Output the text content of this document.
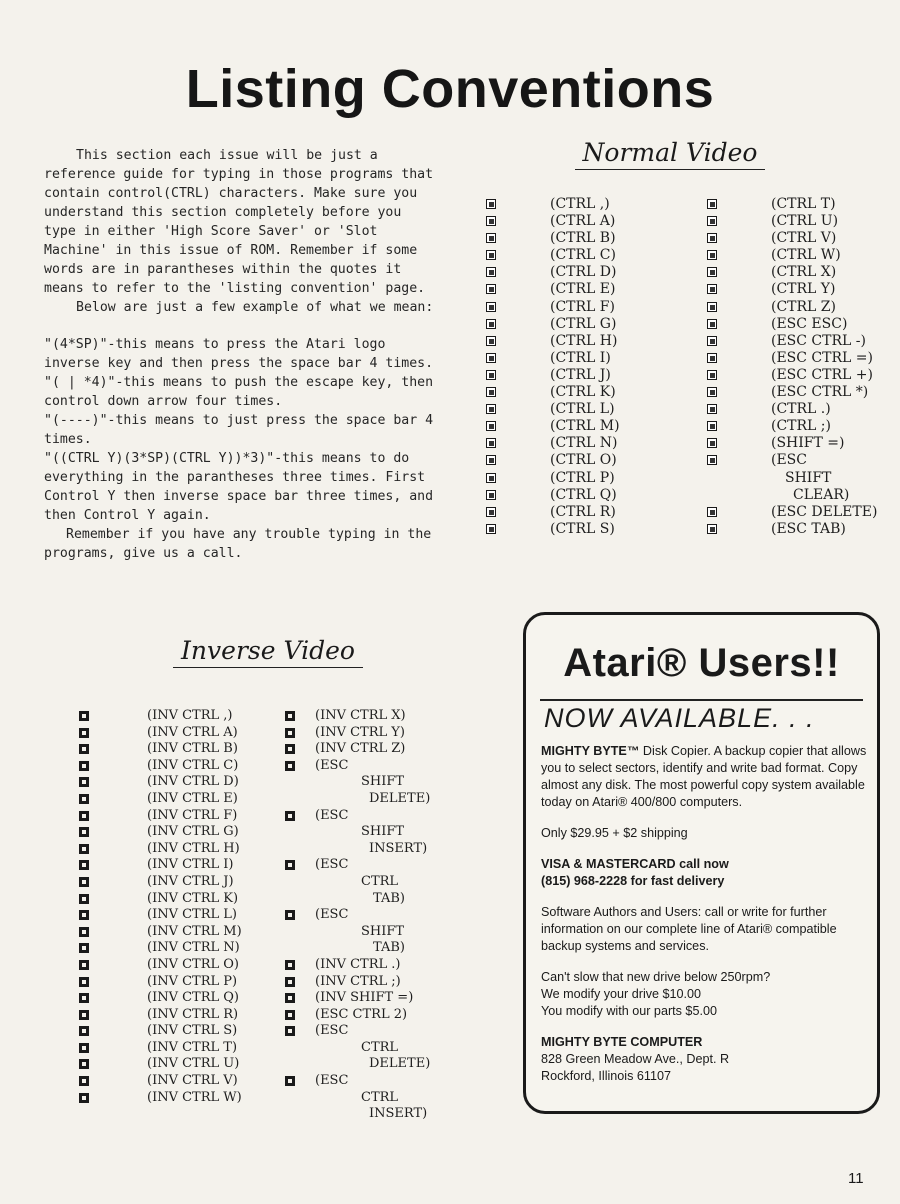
Listing Conventions

This section each issue will be just a reference guide for typing in those programs that contain control(CTRL) characters. Make sure you understand this section completely before you type in either 'High Score Saver' or 'Slot Machine' in this issue of ROM. Remember if some words are in parantheses within the quotes it means to refer to the 'listing convention' page.

Below are just a few example of what we mean:

"(4*SP)"-this means to press the Atari logo inverse key and then press the space bar 4 times.

"( | *4)"-this means to push the escape key, then control down arrow four times.

"(----)"-this means to just press the space bar 4 times.

"((CTRL Y)(3*SP)(CTRL Y))*3)"-this means to do everything in the parantheses three times. First Control Y then inverse space bar three times, and then Control Y again.

Remember if you have any trouble typing in the programs, give us a call.

Normal Video
(CTRL ,)
(CTRL A)
(CTRL B)
(CTRL C)
(CTRL D)
(CTRL E)
(CTRL F)
(CTRL G)
(CTRL H)
(CTRL I)
(CTRL J)
(CTRL K)
(CTRL L)
(CTRL M)
(CTRL N)
(CTRL O)
(CTRL P)
(CTRL Q)
(CTRL R)
(CTRL S)
(CTRL T)
(CTRL U)
(CTRL V)
(CTRL W)
(CTRL X)
(CTRL Y)
(CTRL Z)
(ESC ESC)
(ESC CTRL -)
(ESC CTRL =)
(ESC CTRL +)
(ESC CTRL *)
(CTRL .)
(CTRL ;)
(SHIFT =)
(ESC
SHIFT
CLEAR)
(ESC DELETE)
(ESC TAB)
Inverse Video
(INV CTRL ,)
(INV CTRL A)
(INV CTRL B)
(INV CTRL C)
(INV CTRL D)
(INV CTRL E)
(INV CTRL F)
(INV CTRL G)
(INV CTRL H)
(INV CTRL I)
(INV CTRL J)
(INV CTRL K)
(INV CTRL L)
(INV CTRL M)
(INV CTRL N)
(INV CTRL O)
(INV CTRL P)
(INV CTRL Q)
(INV CTRL R)
(INV CTRL S)
(INV CTRL T)
(INV CTRL U)
(INV CTRL V)
(INV CTRL W)
(INV CTRL X)
(INV CTRL Y)
(INV CTRL Z)
(ESC
SHIFT
DELETE)
(ESC
SHIFT
INSERT)
(ESC
CTRL
TAB)
(ESC
SHIFT
TAB)
(INV CTRL .)
(INV CTRL ;)
(INV SHIFT =)
(ESC CTRL 2)
(ESC
CTRL
DELETE)
(ESC
CTRL
INSERT)
Atari® Users!!
NOW AVAILABLE. . .

MIGHTY BYTE™ Disk Copier. A backup copier that allows you to select sectors, identify and write bad format. Copy almost any disk. The most powerful copy system available today on Atari® 400/800 computers.

Only $29.95 + $2 shipping

VISA & MASTERCARD call now
(815) 968-2228 for fast delivery

Software Authors and Users: call or write for further information on our complete line of Atari® compatible backup systems and services.

Can't slow that new drive below 250rpm?
We modify your drive $10.00
You modify with our parts $5.00

MIGHTY BYTE COMPUTER
828 Green Meadow Ave., Dept. R
Rockford, Illinois 61107

11
